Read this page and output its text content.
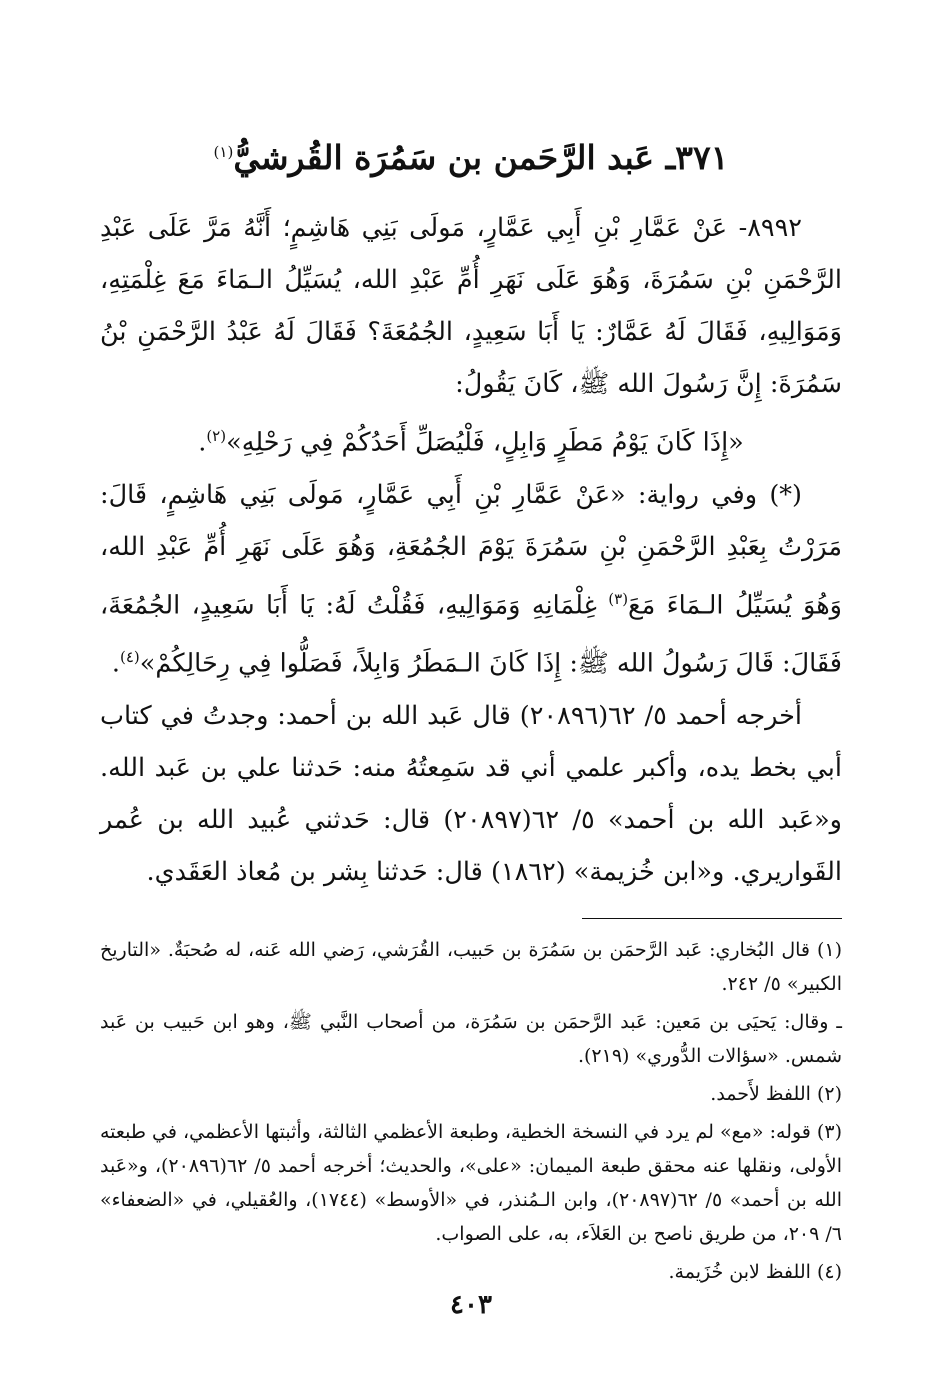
٣٧١ـ عَبد الرَّحَمن بن سَمُرَة القُرشيُّ$^{(١)}$

٨٩٩٢- عَنْ عَمَّارِ بْنِ أَبِي عَمَّارٍ، مَولَى بَنِي هَاشِمٍ؛ أَنَّهُ مَرَّ عَلَى عَبْدِ الرَّحْمَنِ بْنِ سَمُرَةَ، وَهُوَ عَلَى نَهَرِ أُمِّ عَبْدِ الله، يُسَيِّلُ الـمَاءَ مَعَ غِلْمَتِهِ، وَمَوَالِيهِ، فَقَالَ لَهُ عَمَّارٌ: يَا أَبَا سَعِيدٍ، الجُمُعَةَ؟ فَقَالَ لَهُ عَبْدُ الرَّحْمَنِ بْنُ سَمُرَةَ: إِنَّ رَسُولَ الله ﷺ، كَانَ يَقُولُ:

«إِذَا كَانَ يَوْمُ مَطَرٍ وَابِلٍ، فَلْيُصَلِّ أَحَدُكُمْ فِي رَحْلِهِ»$^{(٢)}$.

(*) وفي رواية: «عَنْ عَمَّارِ بْنِ أَبِي عَمَّارٍ، مَولَى بَنِي هَاشِمٍ، قَالَ: مَرَرْتُ بِعَبْدِ الرَّحْمَنِ بْنِ سَمُرَةَ يَوْمَ الجُمُعَةِ، وَهُوَ عَلَى نَهَرِ أُمِّ عَبْدِ الله، وَهُوَ يُسَيِّلُ الـمَاءَ مَعَ$^{(٣)}$ غِلْمَانِهِ وَمَوَالِيهِ، فَقُلْتُ لَهُ: يَا أَبَا سَعِيدٍ، الجُمُعَةَ، فَقَالَ: قَالَ رَسُولُ الله ﷺ: إِذَا كَانَ الـمَطَرُ وَابِلاً، فَصَلُّوا فِي رِحَالِكُمْ»$^{(٤)}$.

أخرجه أحمد ٥/ ٦٢(٢٠٨٩٦) قال عَبد الله بن أحمد: وجدتُ في كتاب أبي بخط يده، وأكبر علمي أني قد سَمِعتُهُ منه: حَدثنا علي بن عَبد الله. و«عَبد الله بن أحمد» ٥/ ٦٢(٢٠٨٩٧) قال: حَدثني عُبيد الله بن عُمر القَواريري. و«ابن خُزيمة» (١٨٦٢) قال: حَدثنا بِشر بن مُعاذ العَقَدي.

(١) قال البُخاري: عَبد الرَّحمَن بن سَمُرَة بن حَبيب، القُرَشي، رَضي الله عَنه، له صُحبَةٌ. «التاريخ الكبير» ٥/ ٢٤٢.

ـ وقال: يَحيَى بن مَعين: عَبد الرَّحمَن بن سَمُرَة، من أصحاب النَّبي ﷺ، وهو ابن حَبيب بن عَبد شمس. «سؤالات الدُّوري» (٢١٩).

(٢) اللفظ لأَحمد.

(٣) قوله: «مع» لم يرد في النسخة الخطية، وطبعة الأعظمي الثالثة، وأثبتها الأعظمي، في طبعته الأولى، ونقلها عنه محقق طبعة الميمان: «على»، والحديث؛ أخرجه أحمد ٥/ ٦٢(٢٠٨٩٦)، و«عَبد الله بن أحمد» ٥/ ٦٢(٢٠٨٩٧)، وابن الـمُنذر، في «الأوسط» (١٧٤٤)، والعُقيلي، في «الضعفاء» ٦/ ٢٠٩، من طريق ناصح بن العَلاَء، به، على الصواب.

(٤) اللفظ لابن خُزَيمة.

٤٠٣
